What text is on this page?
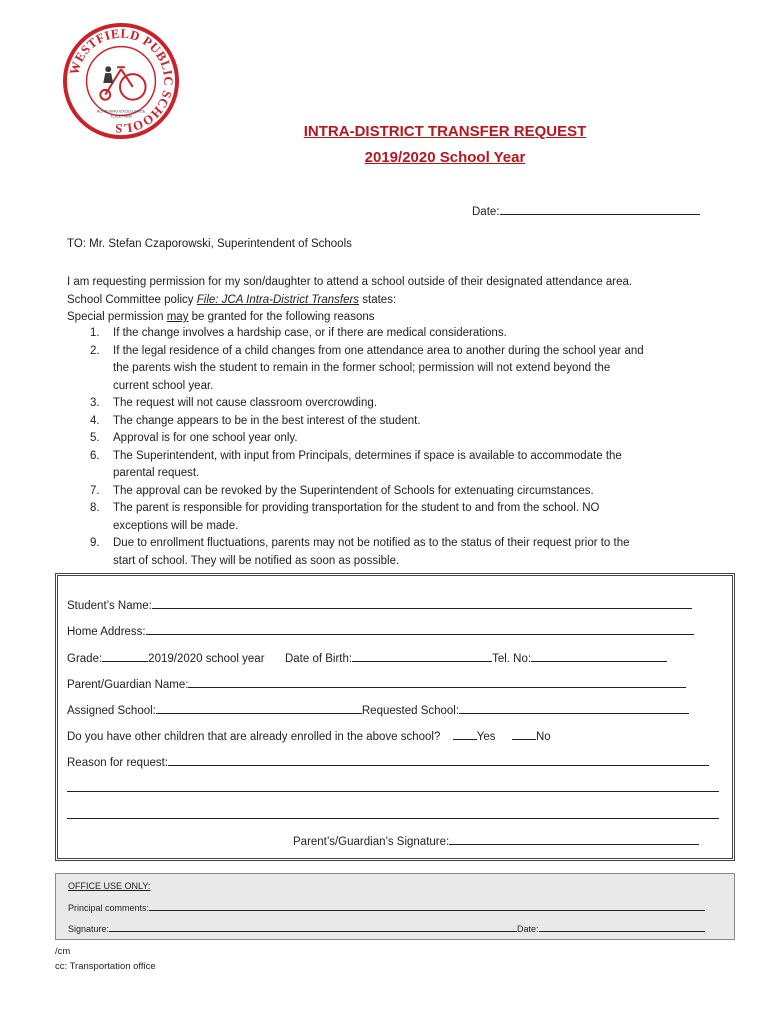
WESTFIELD PUBLIC SCHOOLS
ACHIEVING EXCELLENCE
TOGETHER
INTRA-DISTRICT TRANSFER REQUEST
2019/2020 School Year
Date:
TO: Mr. Stefan Czaporowski, Superintendent of Schools
I am requesting permission for my son/daughter to attend a school outside of their designated attendance area.
School Committee policy File: JCA Intra-District Transfers states:
Special permission may be granted for the following reasons
1. If the change involves a hardship case, or if there are medical considerations.
2. If the legal residence of a child changes from one attendance area to another during the school year and
the parents wish the student to remain in the former school; permission will not extend beyond the
current school year.
3. The request will not cause classroom overcrowding.
4. The change appears to be in the best interest of the student.
5. Approval is for one school year only.
6. The Superintendent, with input from Principals, determines if space is available to accommodate the
parental request.
7. The approval can be revoked by the Superintendent of Schools for extenuating circumstances.
8. The parent is responsible for providing transportation for the student to and from the school. NO
exceptions will be made.
9. Due to enrollment fluctuations, parents may not be notified as to the status of their request prior to the
start of school. They will be notified as soon as possible.
Student’s Name:
Home Address:
Grade:	2019/2020 school year Date of Birth:	Tel. No:
Parent/Guardian Name:
Assigned School:	Requested School:
Do you have other children that are already enrolled in the above school?	Yes	No
Reason for request:
Parent’s/Guardian’s Signature:
OFFICE USE ONLY:
Principal comments:
Signature:	Date:
/cm
cc: Transportation office
